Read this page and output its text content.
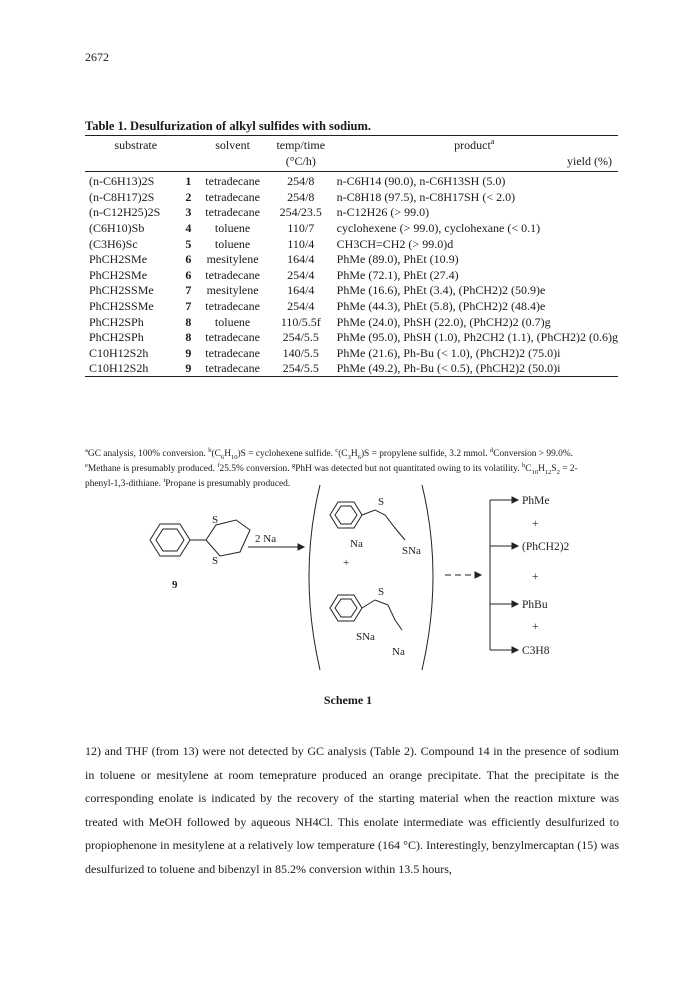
2672
Table 1. Desulfurization of alkyl sulfides with sodium.
substrate		solvent	temp/time	product$^a$
			(°C/h)	yield (%)

(n-C6H13)2S	1	tetradecane	254/8	n-C6H14 (90.0), n-C6H13SH (5.0)
(n-C8H17)2S	2	tetradecane	254/8	n-C8H18 (97.5), n-C8H17SH (< 2.0)
(n-C12H25)2S	3	tetradecane	254/23.5	n-C12H26 (> 99.0)
(C6H10)Sb	4	toluene	110/7	cyclohexene (> 99.0), cyclohexane (< 0.1)
(C3H6)Sc	5	toluene	110/4	CH3CH=CH2 (> 99.0)d
PhCH2SMe	6	mesitylene	164/4	PhMe (89.0), PhEt (10.9)
PhCH2SMe	6	tetradecane	254/4	PhMe (72.1), PhEt (27.4)
PhCH2SSMe	7	mesitylene	164/4	PhMe (16.6), PhEt (3.4), (PhCH2)2 (50.9)e
PhCH2SSMe	7	tetradecane	254/4	PhMe (44.3), PhEt (5.8), (PhCH2)2 (48.4)e
PhCH2SPh	8	toluene	110/5.5f	PhMe (24.0), PhSH (22.0), (PhCH2)2 (0.7)g
PhCH2SPh	8	tetradecane	254/5.5	PhMe (95.0), PhSH (1.0), Ph2CH2 (1.1), (PhCH2)2 (0.6)g
C10H12S2h	9	tetradecane	140/5.5	PhMe (21.6), Ph-Bu (< 1.0), (PhCH2)2 (75.0)i
C10H12S2h	9	tetradecane	254/5.5	PhMe (49.2), Ph-Bu (< 0.5), (PhCH2)2 (50.0)i
$^a$GC analysis, 100% conversion. $^b(C_6H_{10})S$ = cyclohexene sulfide. $^c(C_3H_6)S$ = propylene sulfide, 3.2 mmol. $^d$Conversion > 99.0%.
$^e$Methane is presumably produced. $^f$25.5% conversion. $^g$PhH was detected but not quantitated owing to its volatility. $^hC_{10}H_{12}S_2 = 2-$
phenyl-1,3-dithiane. $^i$Propane is presumably produced.
S
S
9
2 Na
S
Na
SNa
+
S
SNa
Na
PhMe
+
(PhCH2)2
+
PhBu
+
C3H8
Scheme 1

12) and THF (from 13) were not detected by GC analysis (Table 2). Compound 14 in the presence of sodium in toluene or mesitylene at room temeprature produced an orange precipitate. That the precipitate is the corresponding enolate is indicated by the recovery of the starting material when the reaction mixture was treated with MeOH followed by aqueous NH4Cl. This enolate intermediate was efficiently desulfurized to propiophenone in mesitylene at a relatively low temperature (164 °C). Interestingly, benzylmercaptan (15) was desulfurized to toluene and bibenzyl in 85.2% conversion within 13.5 hours,
